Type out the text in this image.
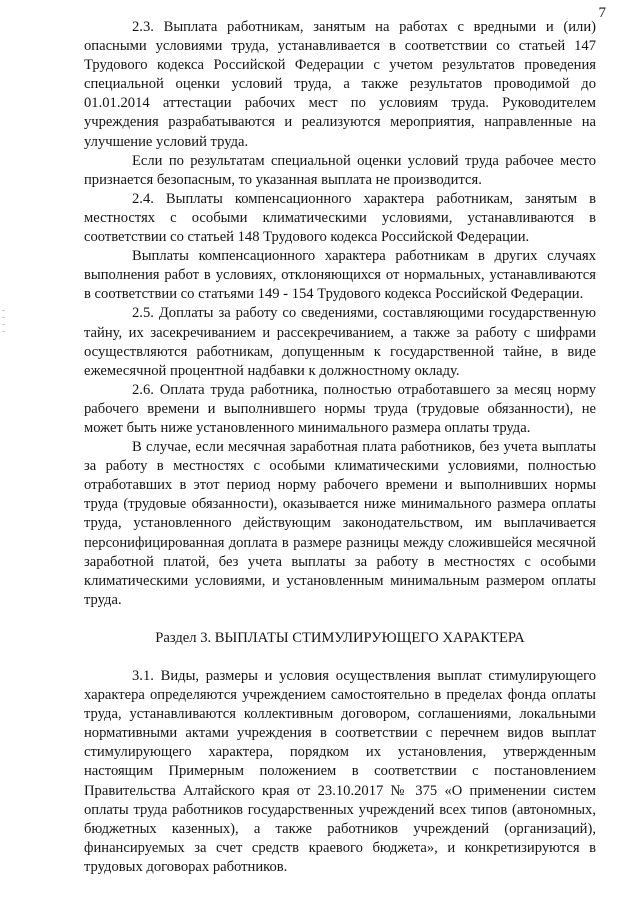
7

2.3. Выплата работникам, занятым на работах с вредными и (или) опасными условиями труда, устанавливается в соответствии со статьей 147 Трудового кодекса Российской Федерации с учетом результатов проведения специальной оценки условий труда, а также результатов проводимой до 01.01.2014 аттестации рабочих мест по условиям труда. Руководителем учреждения разрабатываются и реализуются мероприятия, направленные на улучшение условий труда.

Если по результатам специальной оценки условий труда рабочее место признается безопасным, то указанная выплата не производится.

2.4. Выплаты компенсационного характера работникам, занятым в местностях с особыми климатическими условиями, устанавливаются в соответствии со статьей 148 Трудового кодекса Российской Федерации.

Выплаты компенсационного характера работникам в других случаях выполнения работ в условиях, отклоняющихся от нормальных, устанавливаются в соответствии со статьями 149 - 154 Трудового кодекса Российской Федерации.

2.5. Доплаты за работу со сведениями, составляющими государственную тайну, их засекречиванием и рассекречиванием, а также за работу с шифрами осуществляются работникам, допущенным к государственной тайне, в виде ежемесячной процентной надбавки к должностному окладу.

2.6. Оплата труда работника, полностью отработавшего за месяц норму рабочего времени и выполнившего нормы труда (трудовые обязанности), не может быть ниже установленного минимального размера оплаты труда.

В случае, если месячная заработная плата работников, без учета выплаты за работу в местностях с особыми климатическими условиями, полностью отработавших в этот период норму рабочего времени и выполнивших нормы труда (трудовые обязанности), оказывается ниже минимального размера оплаты труда, установленного действующим законодательством, им выплачивается персонифицированная доплата в размере разницы между сложившейся месячной заработной платой, без учета выплаты за работу в местностях с особыми климатическими условиями, и установленным минимальным размером оплаты труда.

Раздел 3. ВЫПЛАТЫ СТИМУЛИРУЮЩЕГО ХАРАКТЕРА

3.1. Виды, размеры и условия осуществления выплат стимулирующего характера определяются учреждением самостоятельно в пределах фонда оплаты труда, устанавливаются коллективным договором, соглашениями, локальными нормативными актами учреждения в соответствии с перечнем видов выплат стимулирующего характера, порядком их установления, утвержденным настоящим Примерным положением в соответствии с постановлением Правительства Алтайского края от 23.10.2017 № 375 «О применении систем оплаты труда работников государственных учреждений всех типов (автономных, бюджетных казенных), а также работников учреждений (организаций), финансируемых за счет средств краевого бюджета», и конкретизируются в трудовых договорах работников.
